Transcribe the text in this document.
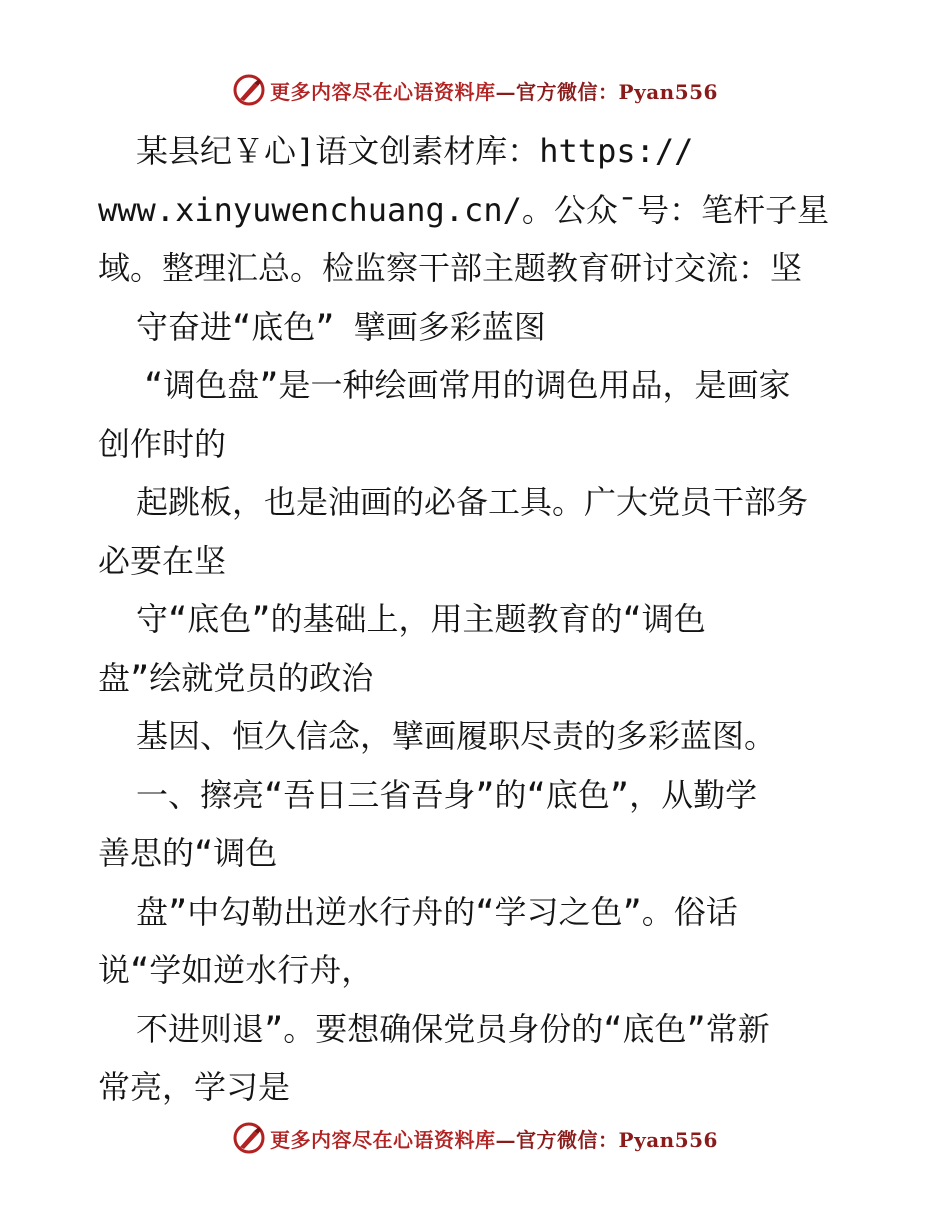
更多内容尽在心语资料库—官方微信：Pyan556
某县纪￥心]语文创素材库：https://
www.xinyuwenchuang.cn/。公众¯号：笔杆子星
域。整理汇总。检监察干部主题教育研讨交流：坚
守奋进“底色” 擘画多彩蓝图
“调色盘”是一种绘画常用的调色用品，是画家
创作时的
起跳板，也是油画的必备工具。广大党员干部务
必要在坚
守“底色”的基础上，用主题教育的“调色
盘”绘就党员的政治
基因、恒久信念，擘画履职尽责的多彩蓝图。
一、擦亮“吾日三省吾身”的“底色”，从勤学
善思的“调色
盘”中勾勒出逆水行舟的“学习之色”。俗话
说“学如逆水行舟，
不进则退”。要想确保党员身份的“底色”常新
常亮，学习是
更多内容尽在心语资料库—官方微信：Pyan556
